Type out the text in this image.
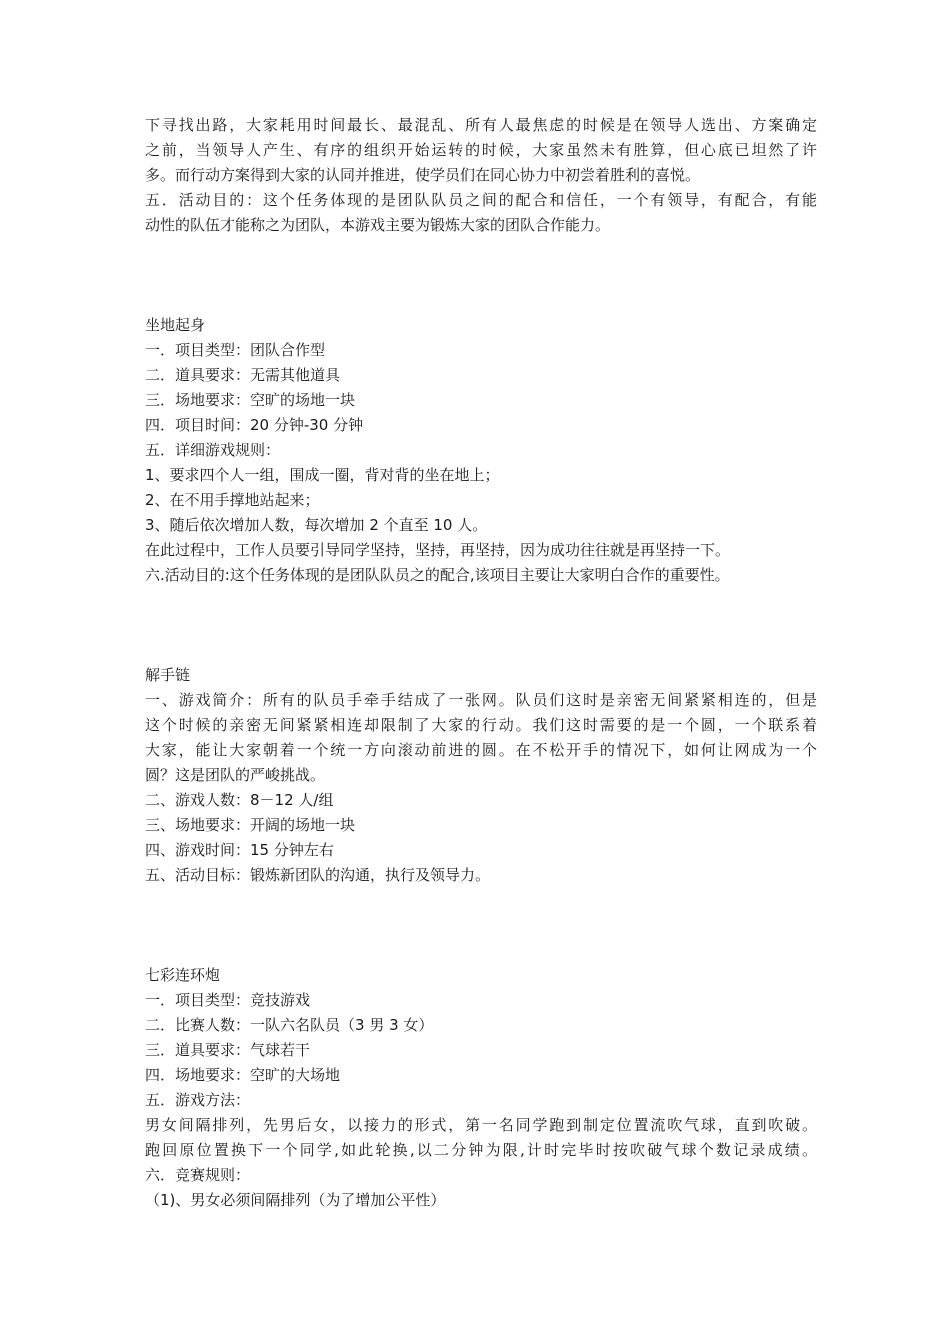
下寻找出路，大家耗用时间最长、最混乱、所有人最焦虑的时候是在领导人选出、方案确定
之前，当领导人产生、有序的组织开始运转的时候，大家虽然未有胜算，但心底已坦然了许
多。而行动方案得到大家的认同并推进，使学员们在同心协力中初尝着胜利的喜悦。
五．活动目的：这个任务体现的是团队队员之间的配合和信任，一个有领导，有配合，有能
动性的队伍才能称之为团队，本游戏主要为锻炼大家的团队合作能力。
坐地起身
一．项目类型：团队合作型
二．道具要求：无需其他道具
三．场地要求：空旷的场地一块
四．项目时间：20 分钟-30 分钟
五．详细游戏规则：
1、要求四个人一组，围成一圈，背对背的坐在地上；
2、在不用手撑地站起来；
3、随后依次增加人数，每次增加 2 个直至 10 人。
在此过程中，工作人员要引导同学坚持，坚持，再坚持，因为成功往往就是再坚持一下。
六.活动目的:这个任务体现的是团队队员之的配合,该项目主要让大家明白合作的重要性。
解手链
一、游戏简介：所有的队员手牵手结成了一张网。队员们这时是亲密无间紧紧相连的，但是
这个时候的亲密无间紧紧相连却限制了大家的行动。我们这时需要的是一个圆，一个联系着
大家，能让大家朝着一个统一方向滚动前进的圆。在不松开手的情况下，如何让网成为一个
圆？这是团队的严峻挑战。
二、游戏人数：8－12 人/组
三、场地要求：开阔的场地一块
四、游戏时间：15 分钟左右
五、活动目标：锻炼新团队的沟通，执行及领导力。
七彩连环炮
一．项目类型：竞技游戏
二．比赛人数：一队六名队员（3 男 3 女）
三．道具要求：气球若干
四．场地要求：空旷的大场地
五．游戏方法：
男女间隔排列，先男后女，以接力的形式，第一名同学跑到制定位置流吹气球，直到吹破。
跑回原位置换下一个同学,如此轮换,以二分钟为限,计时完毕时按吹破气球个数记录成绩。
六．竞赛规则：
（1)、男女必须间隔排列（为了增加公平性）
